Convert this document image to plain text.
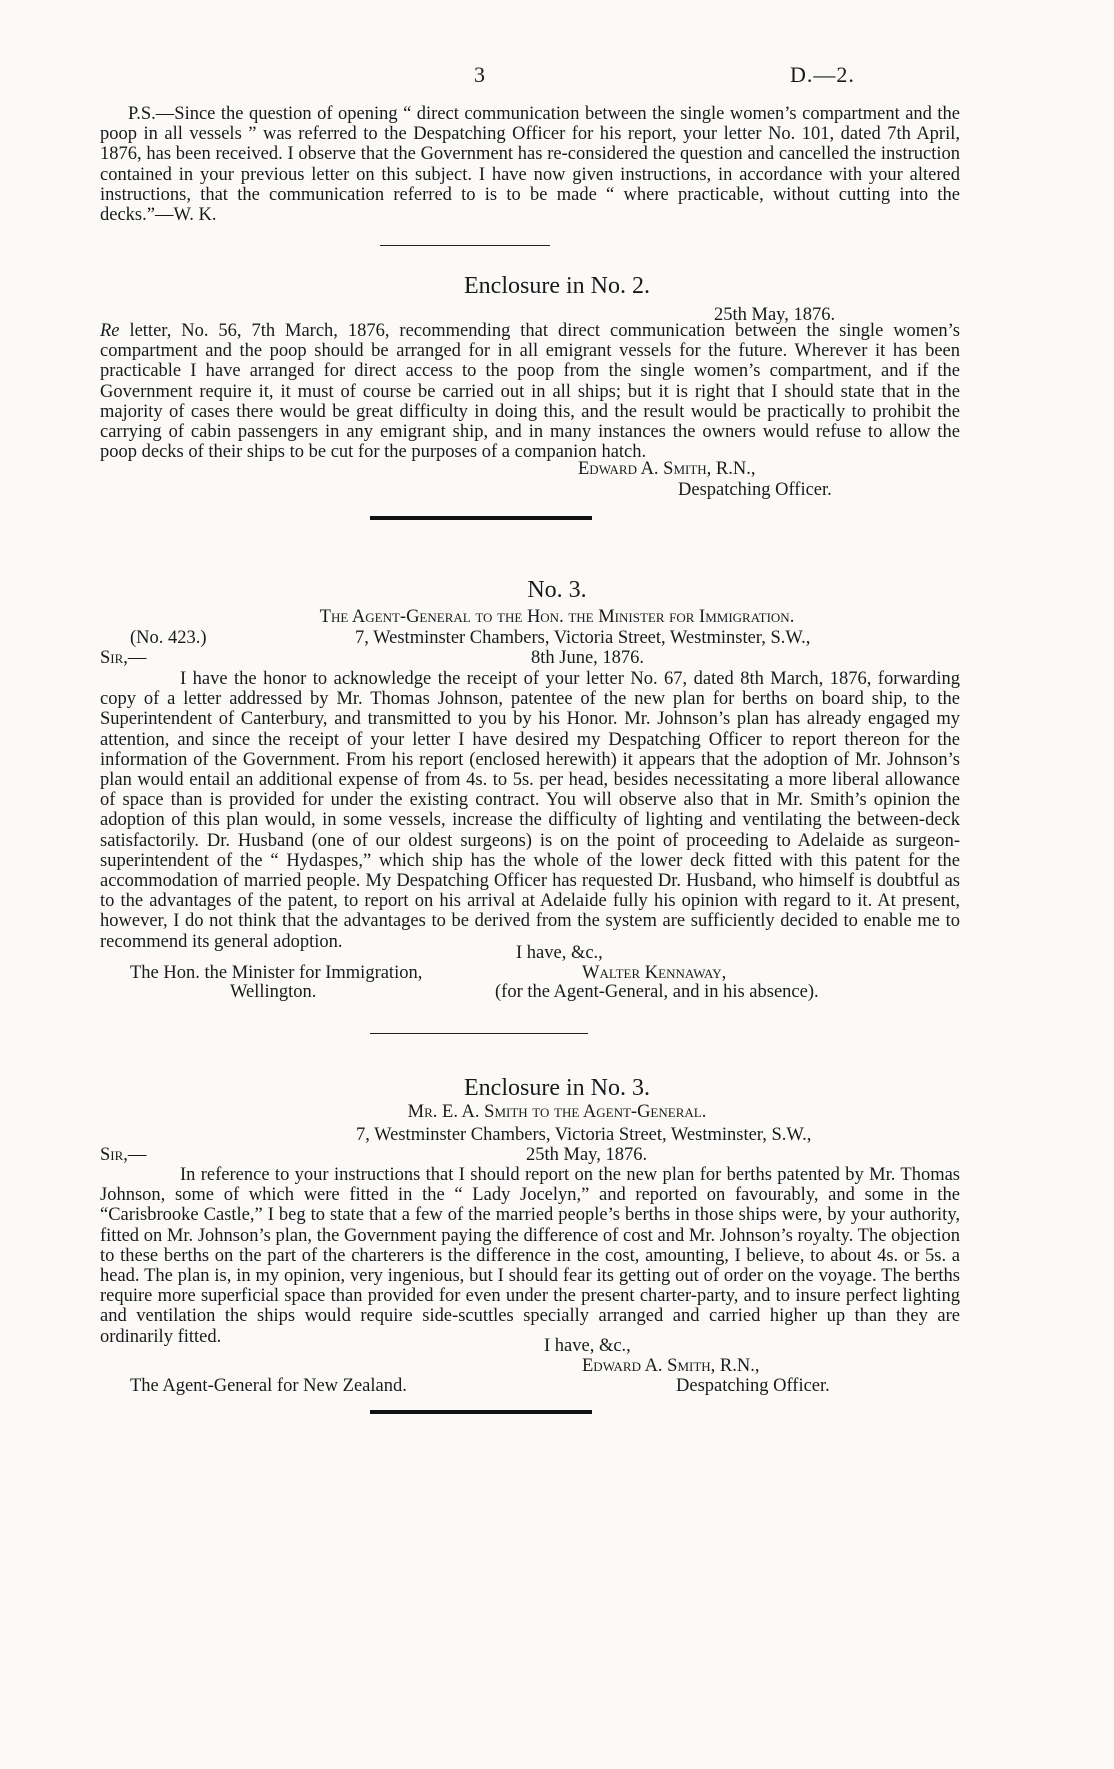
3	D.—2.

P.S.—Since the question of opening “ direct communication between the single women’s compartment and the poop in all vessels ” was referred to the Despatching Officer for his report, your letter No. 101, dated 7th April, 1876, has been received. I observe that the Government has re-considered the question and cancelled the instruction contained in your previous letter on this subject. I have now given instructions, in accordance with your altered instructions, that the communication referred to is to be made “ where practicable, without cutting into the decks.”—W. K.

Enclosure in No. 2.
25th May, 1876.

Re letter, No. 56, 7th March, 1876, recommending that direct communication between the single women’s compartment and the poop should be arranged for in all emigrant vessels for the future. Wherever it has been practicable I have arranged for direct access to the poop from the single women’s compartment, and if the Government require it, it must of course be carried out in all ships; but it is right that I should state that in the majority of cases there would be great difficulty in doing this, and the result would be practically to prohibit the carrying of cabin passengers in any emigrant ship, and in many instances the owners would refuse to allow the poop decks of their ships to be cut for the purposes of a companion hatch.

Edward A. Smith, R.N.,
Despatching Officer.
No. 3.
The Agent-General to the Hon. the Minister for Immigration.
(No. 423.)	7, Westminster Chambers, Victoria Street, Westminster, S.W.,
Sir,—	8th June, 1876.

I have the honor to acknowledge the receipt of your letter No. 67, dated 8th March, 1876, forwarding copy of a letter addressed by Mr. Thomas Johnson, patentee of the new plan for berths on board ship, to the Superintendent of Canterbury, and transmitted to you by his Honor. Mr. Johnson’s plan has already engaged my attention, and since the receipt of your letter I have desired my Despatching Officer to report thereon for the information of the Government. From his report (enclosed herewith) it appears that the adoption of Mr. Johnson’s plan would entail an additional expense of from 4s. to 5s. per head, besides necessitating a more liberal allowance of space than is provided for under the existing contract. You will observe also that in Mr. Smith’s opinion the adoption of this plan would, in some vessels, increase the difficulty of lighting and ventilating the between-deck satisfactorily. Dr. Husband (one of our oldest surgeons) is on the point of proceeding to Adelaide as surgeon-superintendent of the “ Hydaspes,” which ship has the whole of the lower deck fitted with this patent for the accommodation of married people. My Despatching Officer has requested Dr. Husband, who himself is doubtful as to the advantages of the patent, to report on his arrival at Adelaide fully his opinion with regard to it. At present, however, I do not think that the advantages to be derived from the system are sufficiently decided to enable me to recommend its general adoption.

I have, &c.,
The Hon. the Minister for Immigration,	Walter Kennaway,
Wellington.	(for the Agent-General, and in his absence).
Enclosure in No. 3.
Mr. E. A. Smith to the Agent-General.
7, Westminster Chambers, Victoria Street, Westminster, S.W.,
Sir,—	25th May, 1876.

In reference to your instructions that I should report on the new plan for berths patented by Mr. Thomas Johnson, some of which were fitted in the “ Lady Jocelyn,” and reported on favourably, and some in the “Carisbrooke Castle,” I beg to state that a few of the married people’s berths in those ships were, by your authority, fitted on Mr. Johnson’s plan, the Government paying the difference of cost and Mr. Johnson’s royalty. The objection to these berths on the part of the charterers is the difference in the cost, amounting, I believe, to about 4s. or 5s. a head. The plan is, in my opinion, very ingenious, but I should fear its getting out of order on the voyage. The berths require more superficial space than provided for even under the present charter-party, and to insure perfect lighting and ventilation the ships would require side-scuttles specially arranged and carried higher up than they are ordinarily fitted.	I have, &c.,
Edward A. Smith, R.N.,
The Agent-General for New Zealand.	Despatching Officer.
